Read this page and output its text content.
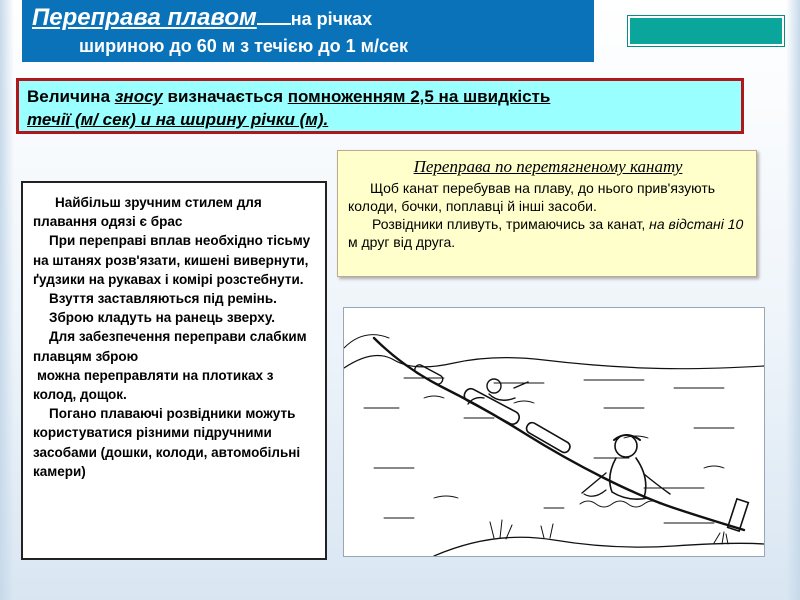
Переправа плавом на річках
шириною до 60 м з течією до 1 м/сек
Величина зносу визначається помноженням 2,5 на швидкість
течії (м/ сек) и на ширину річки (м).
Переправа по перетягненому канату

Щоб канат перебував на плаву, до нього прив'язують колоди, бочки, поплавці й інші засоби.

Розвідники пливуть, тримаючись за канат, на відстані 10 м друг від друга.

Найбільш зручним стилем для плавання одязі є брас

При переправі вплав необхідно тісьму на штанях розв'язати, кишені вивернути, ґудзики на рукавах і комірі розстебнути.

Взуття заставляються під ремінь.

Зброю кладуть на ранець зверху.

Для забезпечення переправи слабким плавцям зброю

можна переправляти на плотиках з колод, дощок.

Погано плаваючі розвідники можуть користуватися різними підручними засобами (дошки, колоди, автомобільні камери)
